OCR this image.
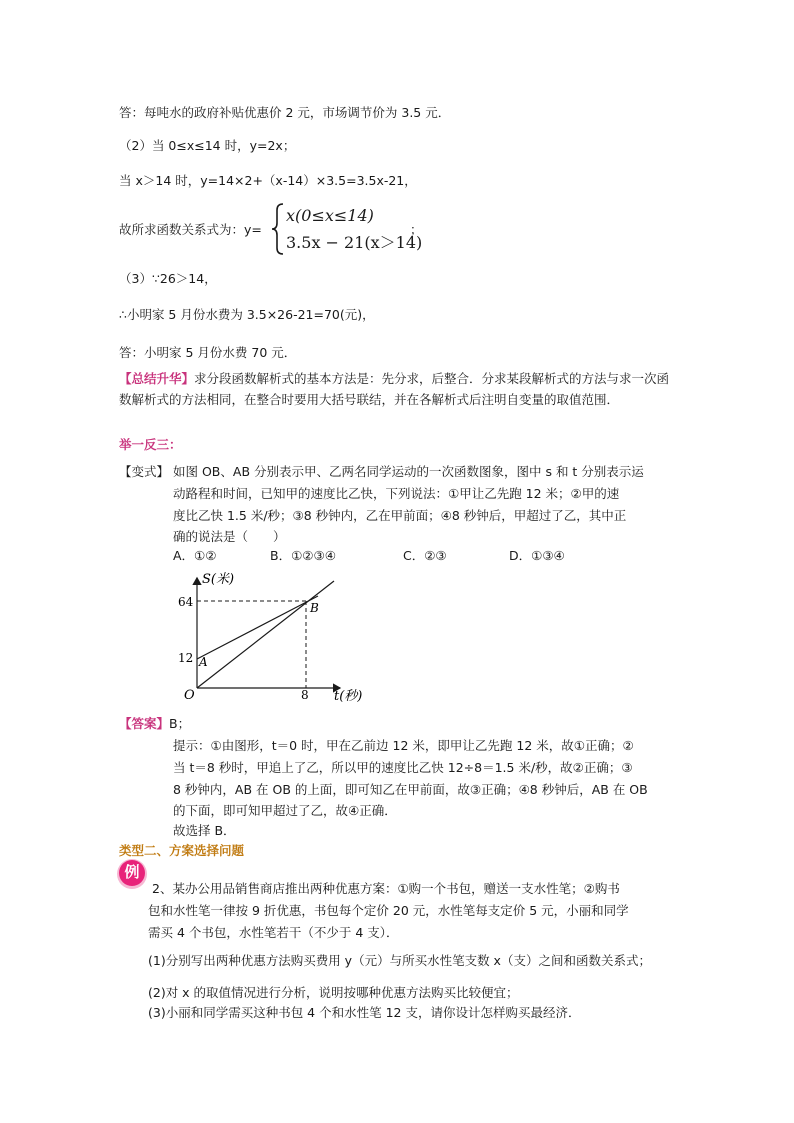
答：每吨水的政府补贴优惠价 2 元，市场调节价为 3.5 元．
（2）当 0≤x≤14 时，y=2x；
当 x＞14 时，y=14×2+（x-14）×3.5=3.5x-21，
故所求函数关系式为：y=
x(0≤x≤14)
3.5x − 21(x＞14)
；
（3）∵26＞14，
∴小明家 5 月份水费为 3.5×26-21=70(元)，
答：小明家 5 月份水费 70 元．
【总结升华】求分段函数解析式的基本方法是：先分求，后整合．分求某段解析式的方法与求一次函数解析式的方法相同，在整合时要用大括号联结，并在各解析式后注明自变量的取值范围．
举一反三：
【变式】 如图 OB、AB 分别表示甲、乙两名同学运动的一次函数图象，图中 s 和 t 分别表示运
动路程和时间，已知甲的速度比乙快，下列说法：①甲让乙先跑 12 米；②甲的速
度比乙快 1.5 米/秒；③8 秒钟内，乙在甲前面；④8 秒钟后，甲超过了乙，其中正
确的说法是（　　）
A．①②	B．①②③④	C．②③	D．①③④
S(米)
t(秒)
O
A
B
64
12
8
【答案】B；
提示：①由图形，t＝0 时，甲在乙前边 12 米，即甲让乙先跑 12 米，故①正确；②
当 t＝8 秒时，甲追上了乙，所以甲的速度比乙快 12÷8＝1.5 米/秒，故②正确；③
8 秒钟内，AB 在 OB 的上面，即可知乙在甲前面，故③正确；④8 秒钟后，AB 在 OB
的下面，即可知甲超过了乙，故④正确．
故选择 B．
类型二、方案选择问题
例
2、某办公用品销售商店推出两种优惠方案：①购一个书包，赠送一支水性笔；②购书
包和水性笔一律按 9 折优惠，书包每个定价 20 元，水性笔每支定价 5 元，小丽和同学
需买 4 个书包，水性笔若干（不少于 4 支）．
(1)分别写出两种优惠方法购买费用 y（元）与所买水性笔支数 x（支）之间和函数关系式；
(2)对 x 的取值情况进行分析，说明按哪种优惠方法购买比较便宜；
(3)小丽和同学需买这种书包 4 个和水性笔 12 支，请你设计怎样购买最经济．
